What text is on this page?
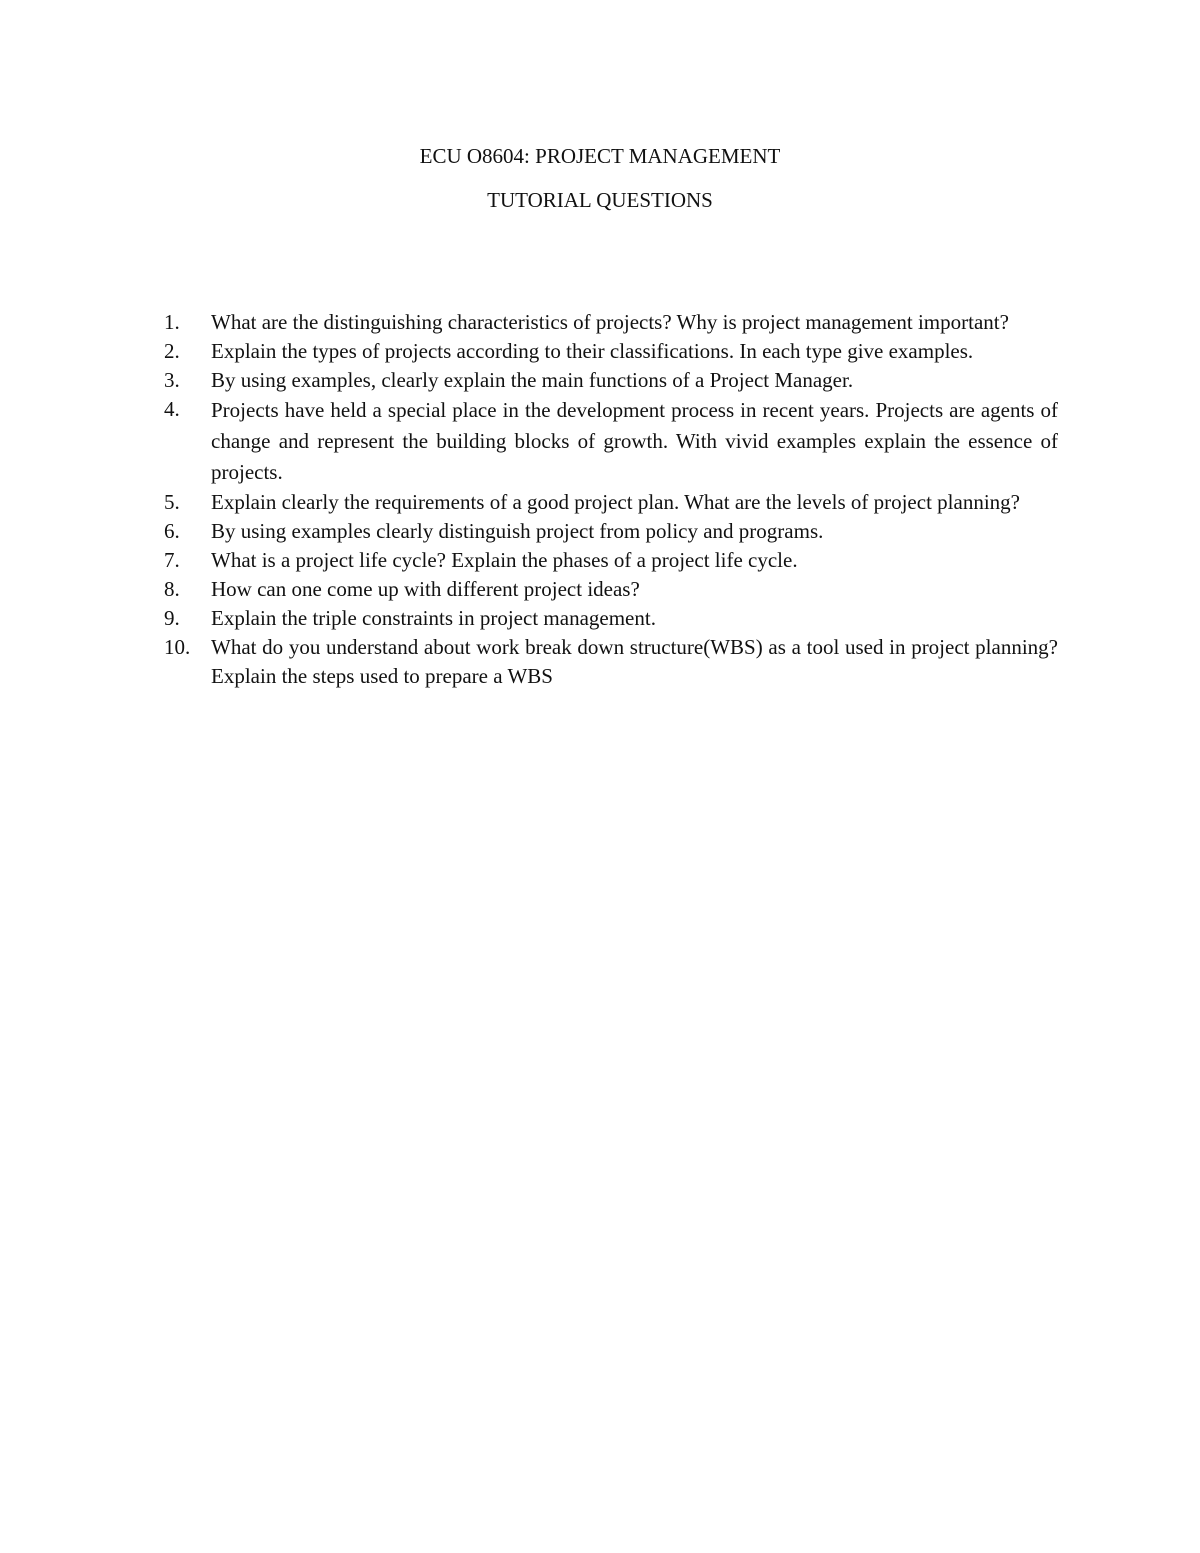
ECU O8604: PROJECT MANAGEMENT
TUTORIAL QUESTIONS
1.	What are the distinguishing characteristics of projects? Why is project management important?
2.	Explain the types of projects according to their classifications. In each type give examples.
3.	By using examples, clearly explain the main functions of a Project Manager.
4.	Projects have held a special place in the development process in recent years. Projects are agents of change and represent the building blocks of growth. With vivid examples explain the essence of projects.
5.	Explain clearly the requirements of a good project plan. What are the levels of project planning?
6.	By using examples clearly distinguish project from policy and programs.
7.	What is a project life cycle? Explain the phases of a project life cycle.
8.	How can one come up with different project ideas?
9.	Explain the triple constraints in project management.
10. What do you understand about work break down structure(WBS) as a tool used in project planning? Explain the steps used to prepare a WBS
